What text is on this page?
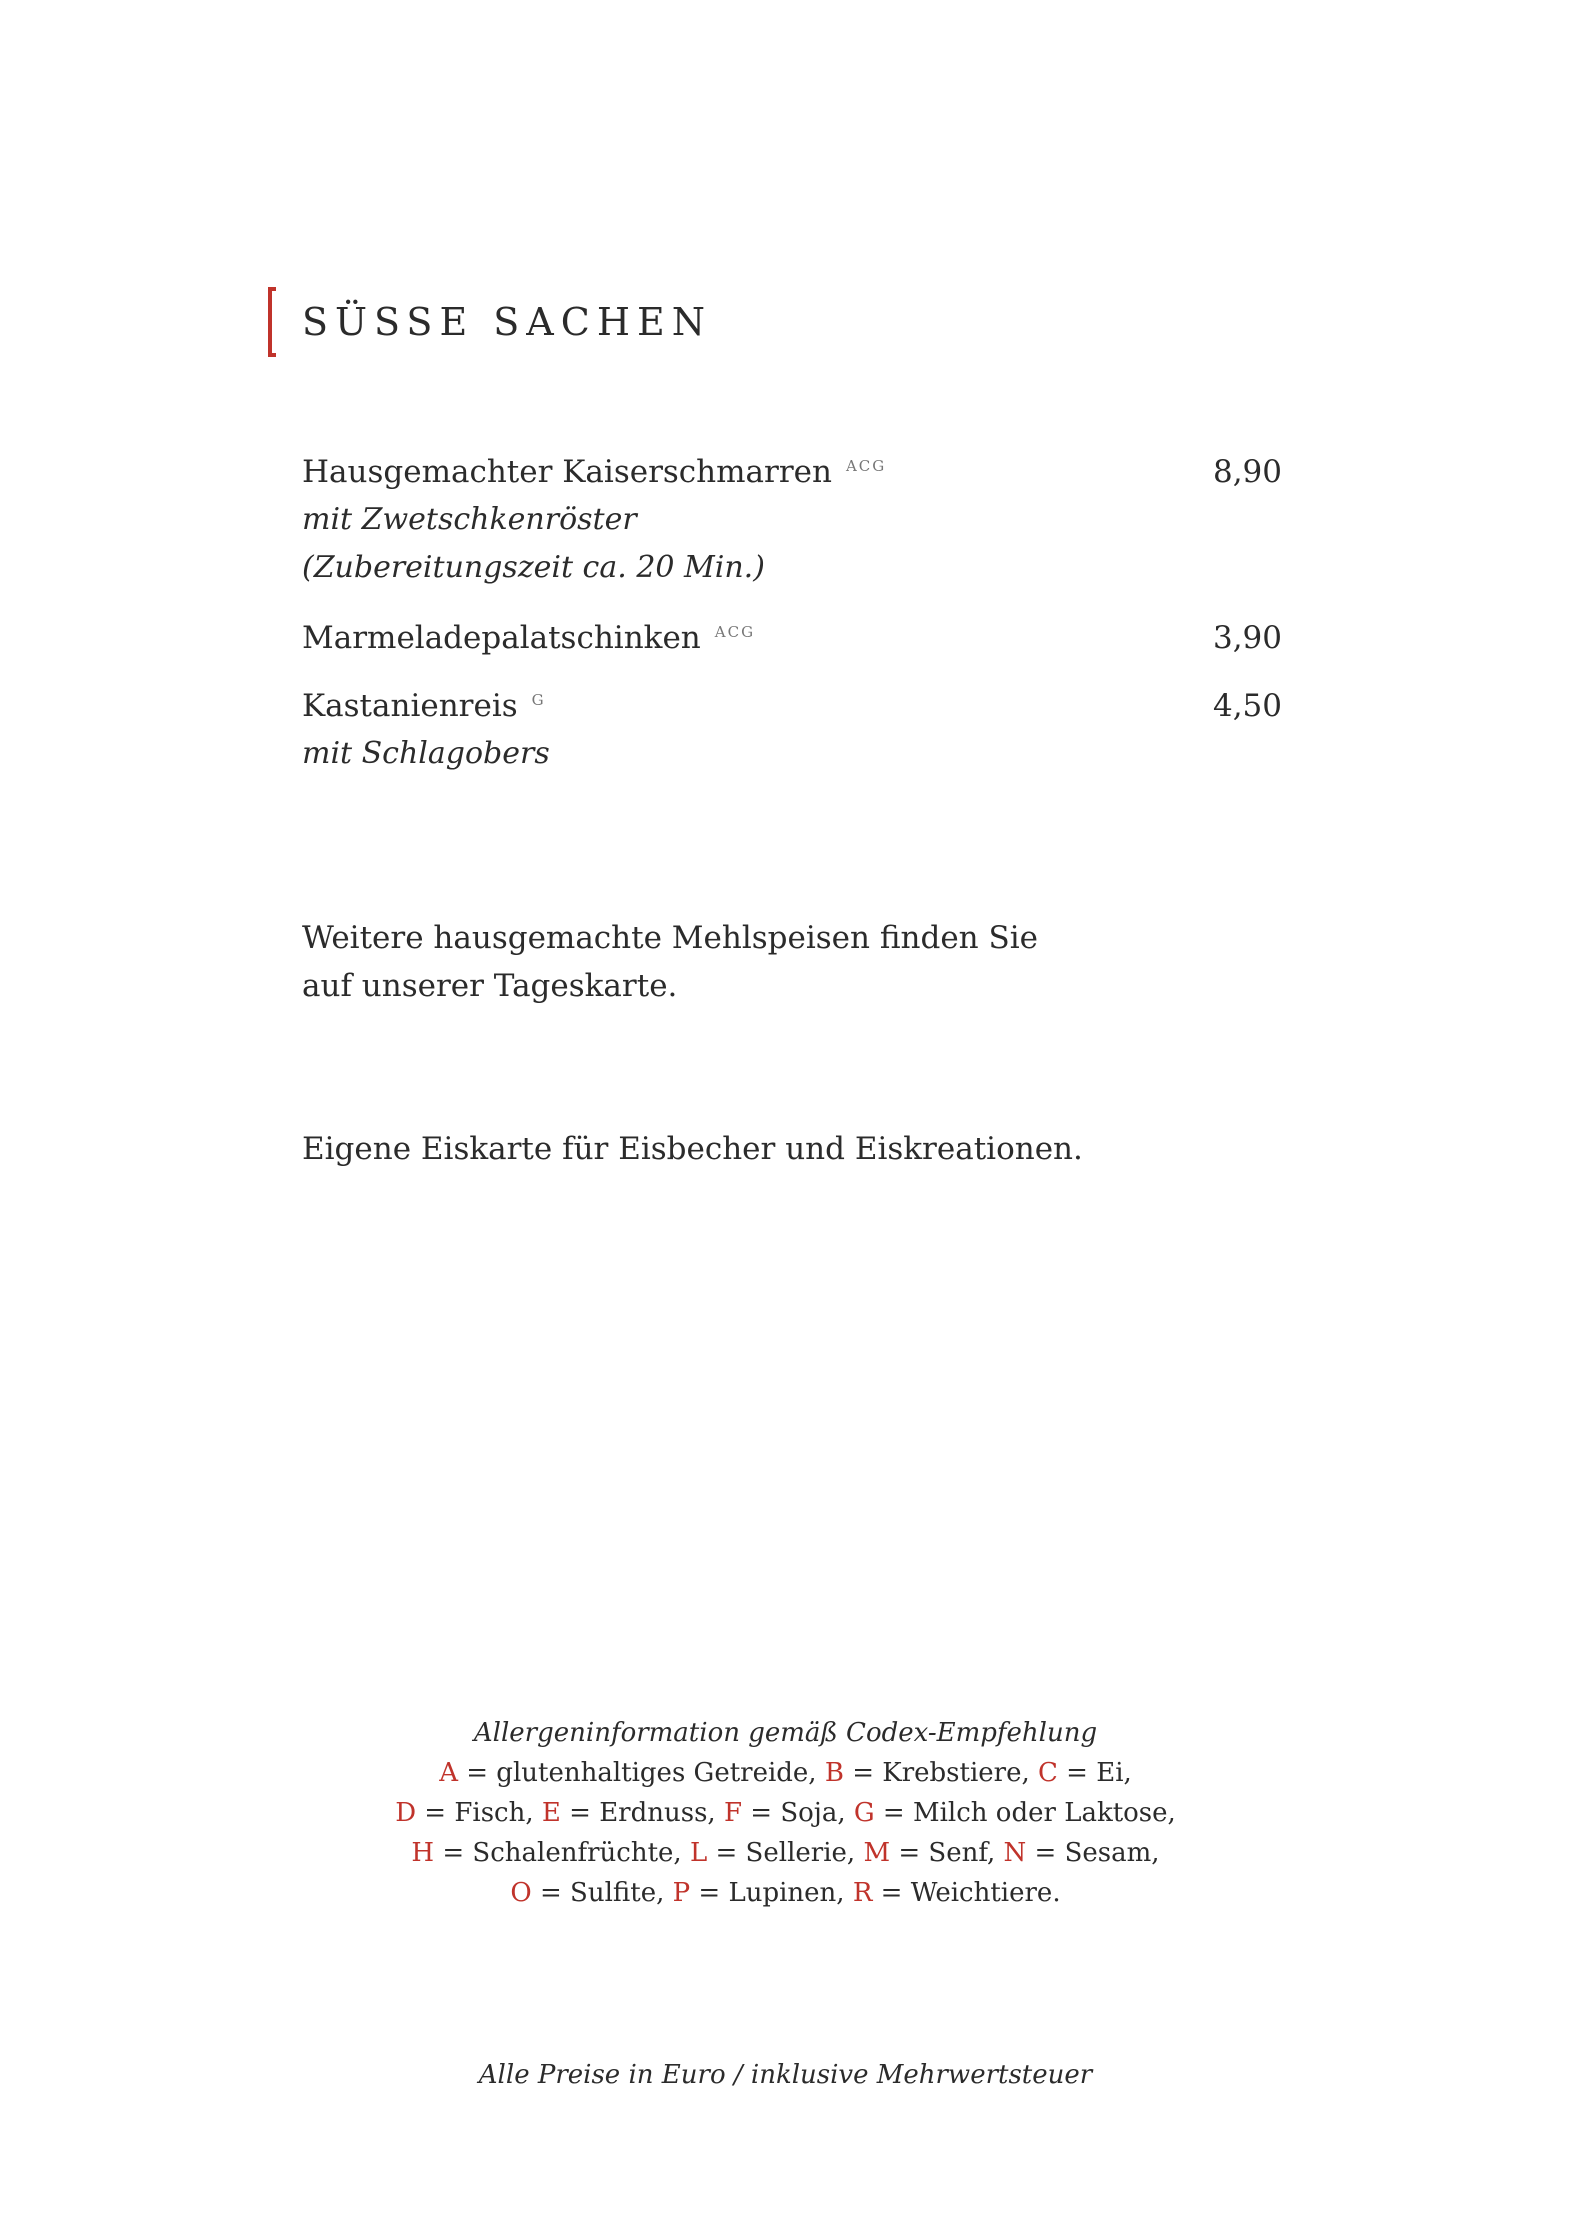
SÜSSE SACHEN
Hausgemachter Kaiserschmarren $^{ACG}$
mit Zwetschkenröster
(Zubereitungszeit ca. 20 Min.)
8,90
Marmeladepalatschinken $^{ACG}$	3,90
Kastanienreis $^G$
mit Schlagobers
4,50
Weitere hausgemachte Mehlspeisen finden Sie
auf unserer Tageskarte.
Eigene Eiskarte für Eisbecher und Eiskreationen.
Allergeninformation gemäß Codex-Empfehlung
A = glutenhaltiges Getreide, B = Krebstiere, C = Ei,
D = Fisch, E = Erdnuss, F = Soja, G = Milch oder Laktose,
H = Schalenfrüchte, L = Sellerie, M = Senf, N = Sesam,
O = Sulfite, P = Lupinen, R = Weichtiere.
Alle Preise in Euro / inklusive Mehrwertsteuer
